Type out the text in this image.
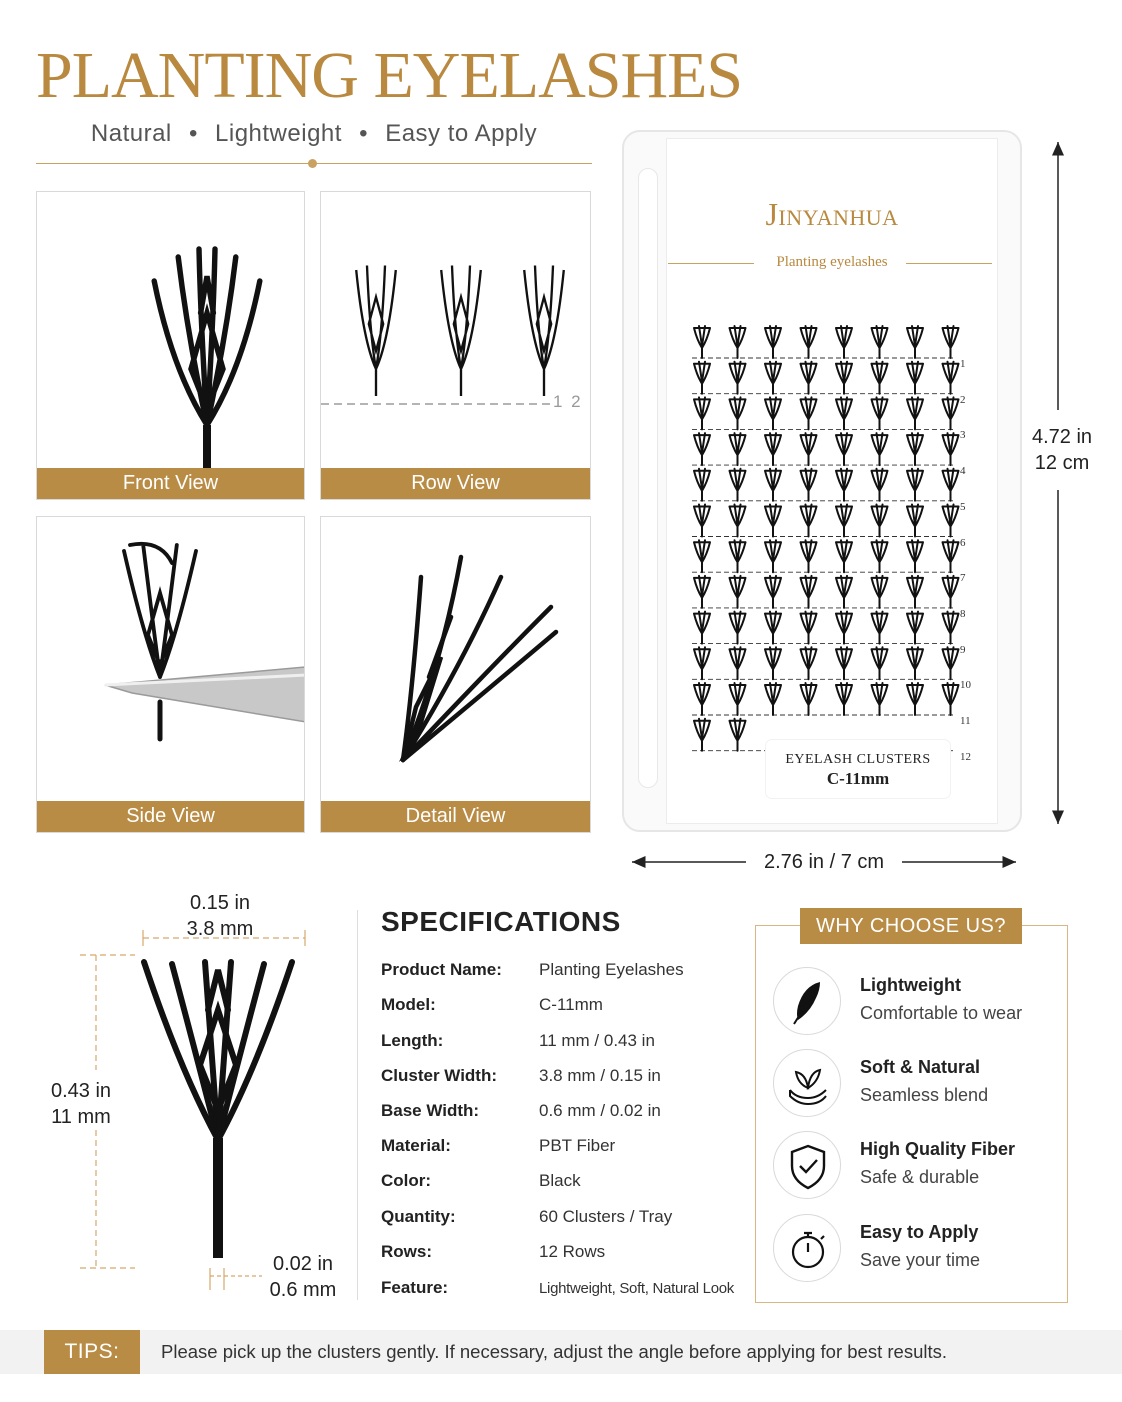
PLANTING EYELASHES
Natural • Lightweight • Easy to Apply
Front View
1 2
Row View
Side View	Detail View
JINYANHUA
Planting eyelashes
1
2
3
4
5
6
7
8
9
10
11
12
EYELASH CLUSTERS
C-11mm
4.72 in
12 cm
2.76 in / 7 cm
0.15 in
3.8 mm
0.43 in
11 mm
0.02 in
0.6 mm
SPECIFICATIONS
Product Name: Planting Eyelashes
Model:	C-11mm
Length:	11 mm / 0.43 in
Cluster Width: 3.8 mm / 0.15 in
Base Width:	0.6 mm / 0.02 in
Material:	PBT Fiber
Color:	Black
Quantity:	60 Clusters / Tray
Rows:	12 Rows
Feature:	Lightweight, Soft, Natural Look
WHY CHOOSE US?
Lightweight
Comfortable to wear
Soft & Natural
Seamless blend
High Quality Fiber
Safe & durable
Easy to Apply
Save your time
TIPS:	Please pick up the clusters gently. If necessary, adjust the angle before applying for best results.
